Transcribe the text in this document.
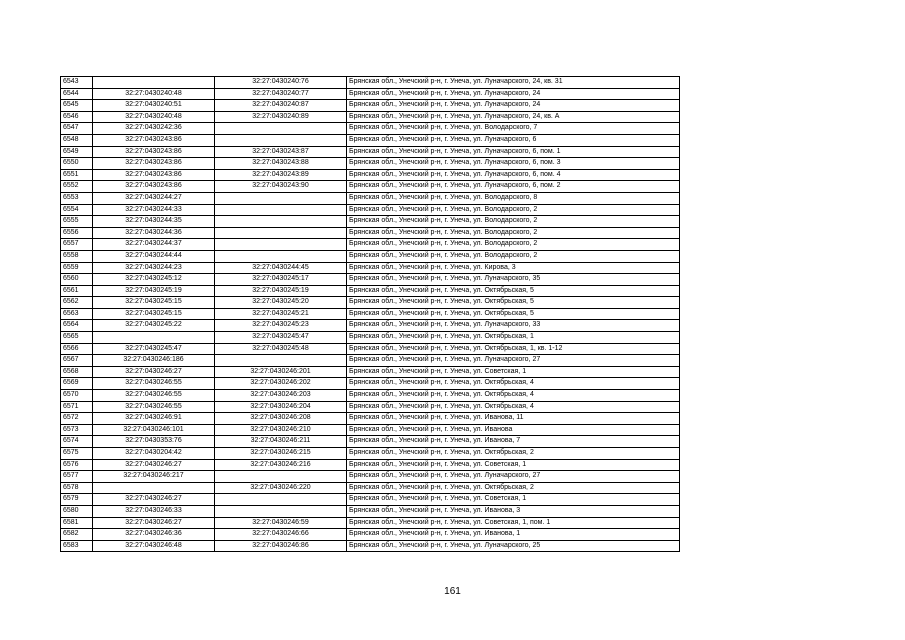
6543		32:27:0430240:76	Брянская обл., Унечский р-н, г. Унеча, ул. Луначарского, 24, кв. 31
6544	32:27:0430240:48	32:27:0430240:77	Брянская обл., Унечский р-н, г. Унеча, ул. Луначарского, 24
6545	32:27:0430240:51	32:27:0430240:87	Брянская обл., Унечский р-н, г. Унеча, ул. Луначарского, 24
6546	32:27:0430240:48	32:27:0430240:89	Брянская обл., Унечский р-н, г. Унеча, ул. Луначарского, 24, кв. А
6547	32:27:0430242:36		Брянская обл., Унечский р-н, г. Унеча, ул. Володарского, 7
6548	32:27:0430243:86		Брянская обл., Унечский р-н, г. Унеча, ул. Луначарского, 6
6549	32:27:0430243:86	32:27:0430243:87	Брянская обл., Унечский р-н, г. Унеча, ул. Луначарского, 6, пом. 1
6550	32:27:0430243:86	32:27:0430243:88	Брянская обл., Унечский р-н, г. Унеча, ул. Луначарского, 6, пом. 3
6551	32:27:0430243:86	32:27:0430243:89	Брянская обл., Унечский р-н, г. Унеча, ул. Луначарского, 6, пом. 4
6552	32:27:0430243:86	32:27:0430243:90	Брянская обл., Унечский р-н, г. Унеча, ул. Луначарского, 6, пом. 2
6553	32:27:0430244:27		Брянская обл., Унечский р-н, г. Унеча, ул. Володарского, 8
6554	32:27:0430244:33		Брянская обл., Унечский р-н, г. Унеча, ул. Володарского, 2
6555	32:27:0430244:35		Брянская обл., Унечский р-н, г. Унеча, ул. Володарского, 2
6556	32:27:0430244:36		Брянская обл., Унечский р-н, г. Унеча, ул. Володарского, 2
6557	32:27:0430244:37		Брянская обл., Унечский р-н, г. Унеча, ул. Володарского, 2
6558	32:27:0430244:44		Брянская обл., Унечский р-н, г. Унеча, ул. Володарского, 2
6559	32:27:0430244:23	32:27:0430244:45	Брянская обл., Унечский р-н, г. Унеча, ул. Кирова, 3
6560	32:27:0430245:12	32:27:0430245:17	Брянская обл., Унечский р-н, г. Унеча, ул. Луначарского, 35
6561	32:27:0430245:19	32:27:0430245:19	Брянская обл., Унечский р-н, г. Унеча, ул. Октябрьская, 5
6562	32:27:0430245:15	32:27:0430245:20	Брянская обл., Унечский р-н, г. Унеча, ул. Октябрьская, 5
6563	32:27:0430245:15	32:27:0430245:21	Брянская обл., Унечский р-н, г. Унеча, ул. Октябрьская, 5
6564	32:27:0430245:22	32:27:0430245:23	Брянская обл., Унечский р-н, г. Унеча, ул. Луначарского, 33
6565		32:27:0430245:47	Брянская обл., Унечский р-н, г. Унеча, ул. Октябрьская, 1
6566	32:27:0430245:47	32:27:0430245:48	Брянская обл., Унечский р-н, г. Унеча, ул. Октябрьская, 1, кв. 1-12
6567	32:27:0430246:186		Брянская обл., Унечский р-н, г. Унеча, ул. Луначарского, 27
6568	32:27:0430246:27	32:27:0430246:201	Брянская обл., Унечский р-н, г. Унеча, ул. Советская, 1
6569	32:27:0430246:55	32:27:0430246:202	Брянская обл., Унечский р-н, г. Унеча, ул. Октябрьская, 4
6570	32:27:0430246:55	32:27:0430246:203	Брянская обл., Унечский р-н, г. Унеча, ул. Октябрьская, 4
6571	32:27:0430246:55	32:27:0430246:204	Брянская обл., Унечский р-н, г. Унеча, ул. Октябрьская, 4
6572	32:27:0430246:91	32:27:0430246:208	Брянская обл., Унечский р-н, г. Унеча, ул. Иванова, 11
6573	32:27:0430246:101	32:27:0430246:210	Брянская обл., Унечский р-н, г. Унеча, ул. Иванова
6574	32:27:0430353:76	32:27:0430246:211	Брянская обл., Унечский р-н, г. Унеча, ул. Иванова, 7
6575	32:27:0430204:42	32:27:0430246:215	Брянская обл., Унечский р-н, г. Унеча, ул. Октябрьская, 2
6576	32:27:0430246:27	32:27:0430246:216	Брянская обл., Унечский р-н, г. Унеча, ул. Советская, 1
6577	32:27:0430246:217		Брянская обл., Унечский р-н, г. Унеча, ул. Луначарского, 27
6578		32:27:0430246:220	Брянская обл., Унечский р-н, г. Унеча, ул. Октябрьская, 2
6579	32:27:0430246:27		Брянская обл., Унечский р-н, г. Унеча, ул. Советская, 1
6580	32:27:0430246:33		Брянская обл., Унечский р-н, г. Унеча, ул. Иванова, 3
6581	32:27:0430246:27	32:27:0430246:59	Брянская обл., Унечский р-н, г. Унеча, ул. Советская, 1, пом. 1
6582	32:27:0430246:36	32:27:0430246:66	Брянская обл., Унечский р-н, г. Унеча, ул. Иванова, 1
6583	32:27:0430246:48	32:27:0430246:86	Брянская обл., Унечский р-н, г. Унеча, ул. Луначарского, 25
161
